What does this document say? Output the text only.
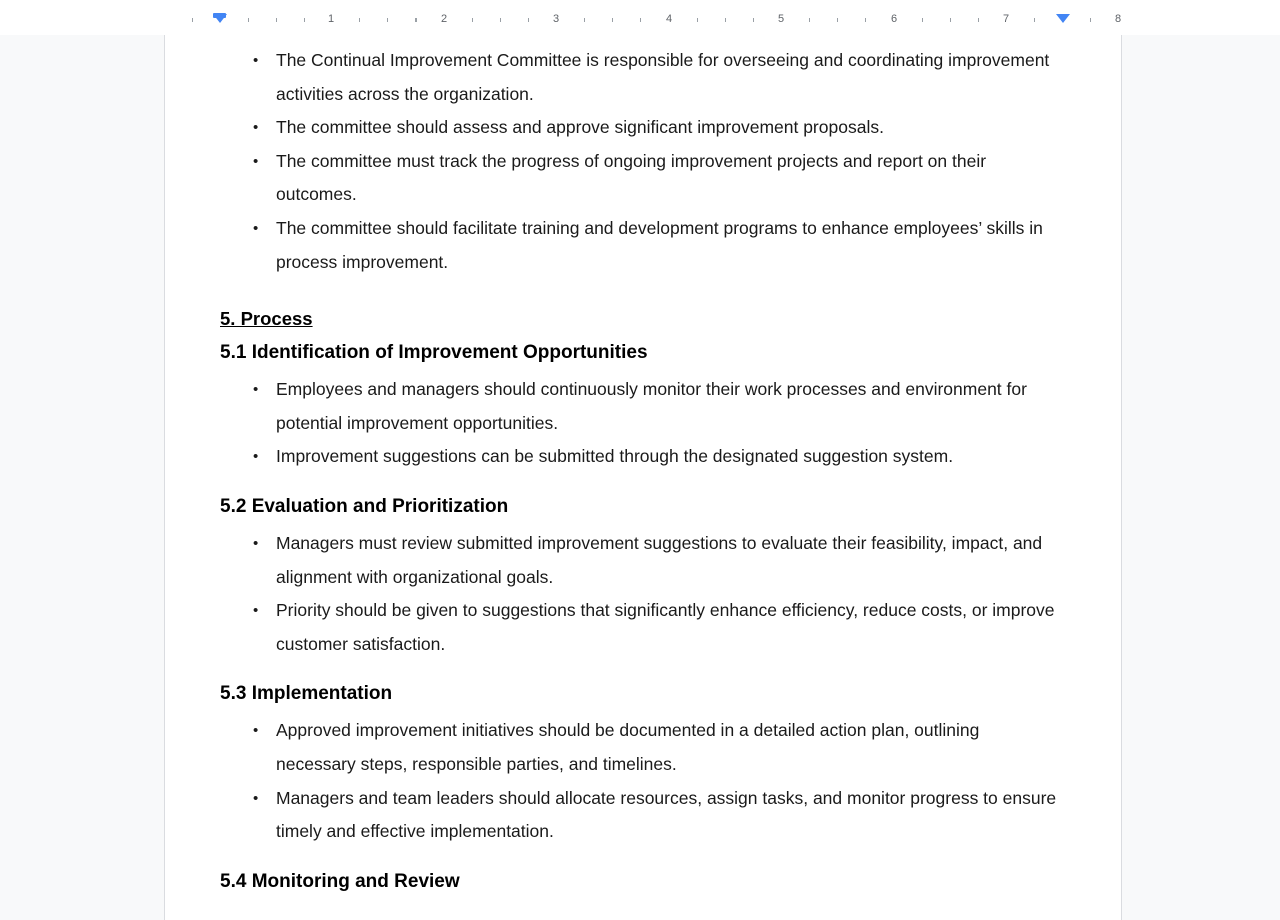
1	2	3	4	5	6	7	8
• The Continual Improvement Committee is responsible for overseeing and coordinating improvement activities across the organization.
• The committee should assess and approve significant improvement proposals.
• The committee must track the progress of ongoing improvement projects and report on their outcomes.
• The committee should facilitate training and development programs to enhance employees’ skills in process improvement.
5. Process
5.1 Identification of Improvement Opportunities
• Employees and managers should continuously monitor their work processes and environment for potential improvement opportunities.
• Improvement suggestions can be submitted through the designated suggestion system.
5.2 Evaluation and Prioritization
• Managers must review submitted improvement suggestions to evaluate their feasibility, impact, and alignment with organizational goals.
• Priority should be given to suggestions that significantly enhance efficiency, reduce costs, or improve customer satisfaction.
5.3 Implementation
• Approved improvement initiatives should be documented in a detailed action plan, outlining necessary steps, responsible parties, and timelines.
• Managers and team leaders should allocate resources, assign tasks, and monitor progress to ensure timely and effective implementation.
5.4 Monitoring and Review
